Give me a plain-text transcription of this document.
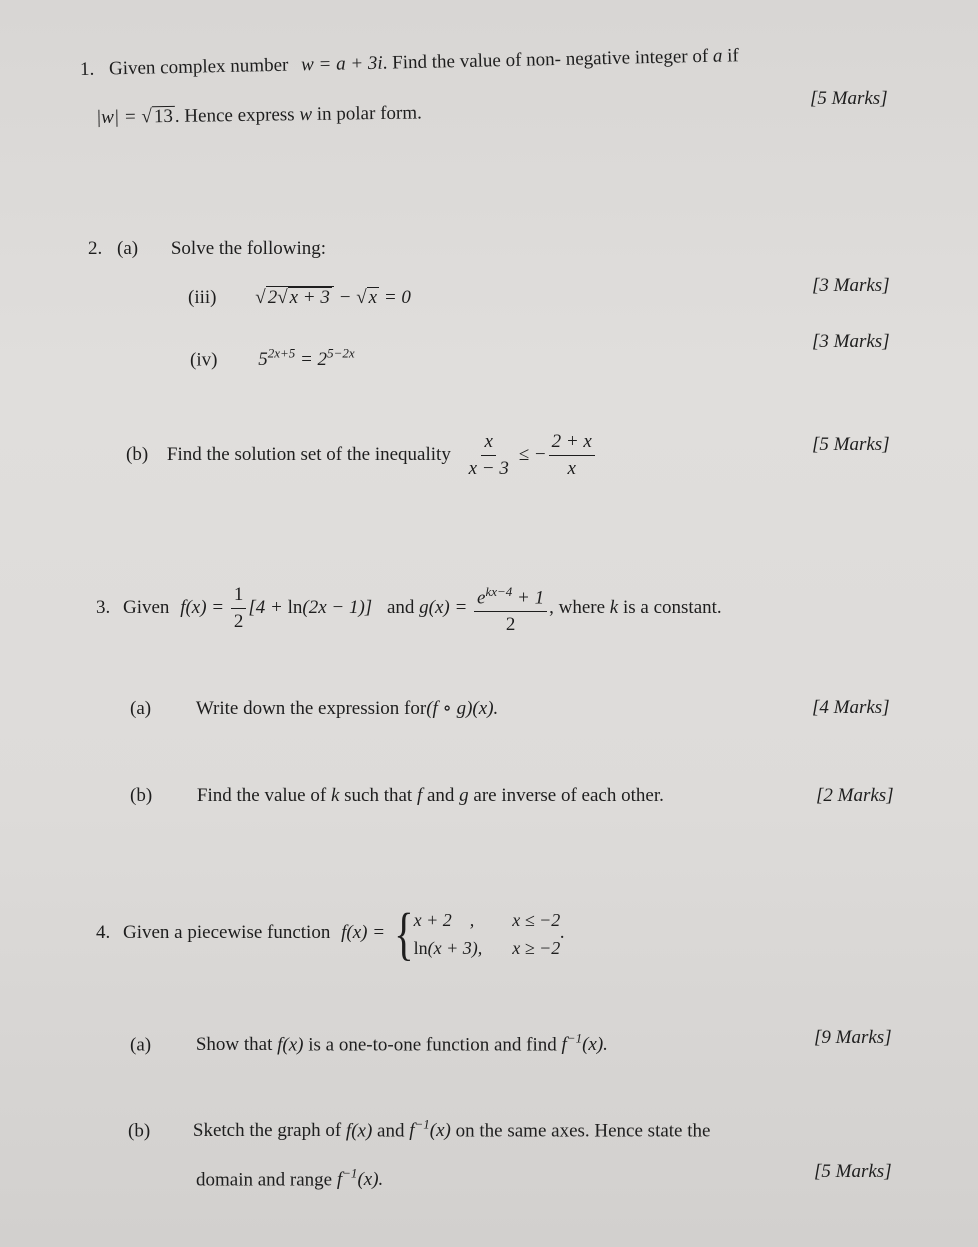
1. Given complex number w = a + 3i. Find the value of non- negative integer of a if
|w| = √13. Hence express w in polar form.
[5 Marks]
2. (a) Solve the following:
(iii) √ 2√ x + 3 − √ x = 0
[3 Marks]
(iv) $5^{2x+5} = 2^{5-2x}$
[3 Marks]
(b) Find the solution set of the inequality $\frac{x}{x - 3}$ ≤ − $\frac{2 + x}{x}$	[5 Marks]
3. Given $f(x) = \frac{1}{2} [4 + \ln(2x - 1)]$ and $g(x) = \frac{e^{kx-4} + 1}{2}$ , where k is a constant.
(a) Write down the expression for(f ∘ g)(x).	[4 Marks]
(b) Find the value of k such that f and g are inverse of each other.	[2 Marks]
4. Given a piecewise function f(x) = { x + 2    ,	x ≤ −2
ln(x + 3), x ≥ −2
.
(a) Show that f(x) is a one-to-one function and find $f^{-1}(x)$.	[9 Marks]
(b) Sketch the graph of f(x) and $f^{-1}(x)$ on the same axes. Hence state the
domain and range $f^{-1}(x)$.	[5 Marks]
